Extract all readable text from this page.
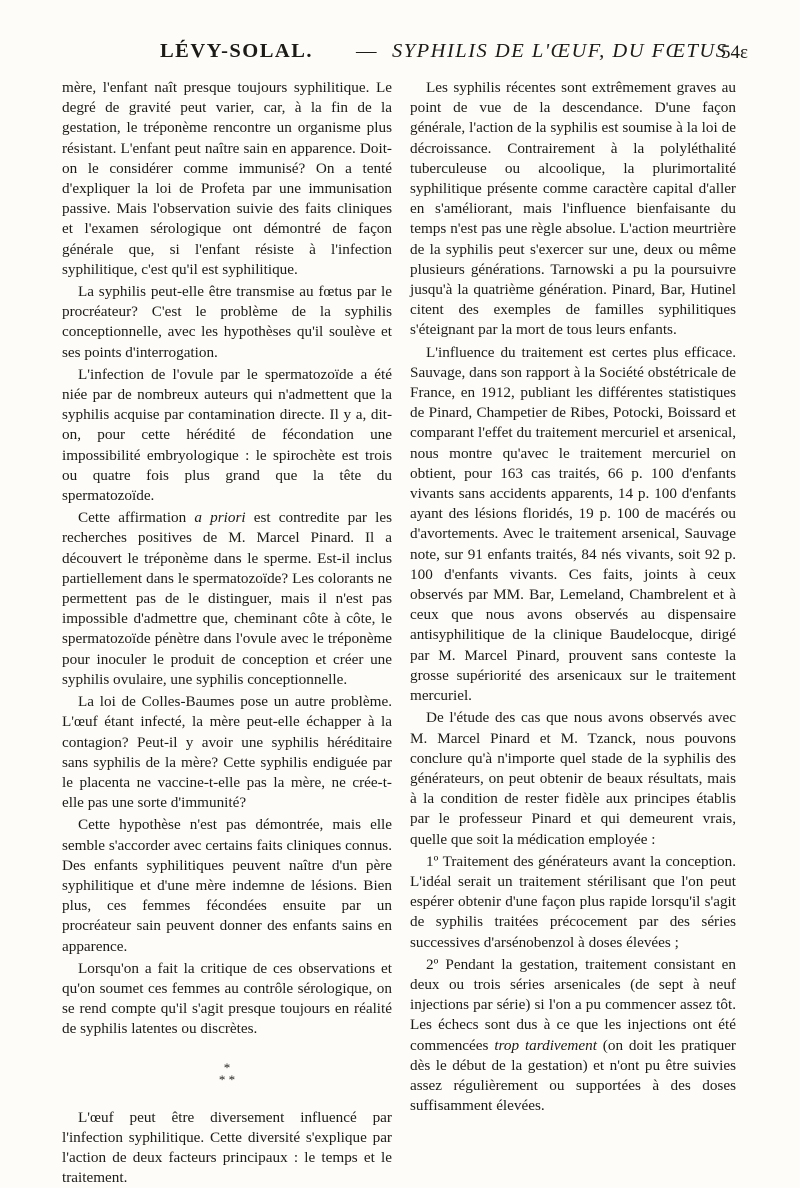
LÉVY-SOLAL. — SYPHILIS DE L'ŒUF, DU FŒTUS
54ε

mère, l'enfant naît presque toujours syphilitique. Le degré de gravité peut varier, car, à la fin de la gestation, le tréponème rencontre un organisme plus résistant. L'enfant peut naître sain en apparence. Doit-on le considérer comme immunisé? On a tenté d'expliquer la loi de Profeta par une immunisation passive. Mais l'observation suivie des faits cliniques et l'examen sérologique ont démontré de façon générale que, si l'enfant résiste à l'infection syphilitique, c'est qu'il est syphilitique.

La syphilis peut-elle être transmise au fœtus par le procréateur? C'est le problème de la syphilis conceptionnelle, avec les hypothèses qu'il soulève et ses points d'interrogation.

L'infection de l'ovule par le spermatozoïde a été niée par de nombreux auteurs qui n'admettent que la syphilis acquise par contamination directe. Il y a, dit-on, pour cette hérédité de fécondation une impossibilité embryologique : le spirochète est trois ou quatre fois plus grand que la tête du spermatozoïde.

Cette affirmation a priori est contredite par les recherches positives de M. Marcel Pinard. Il a découvert le tréponème dans le sperme. Est-il inclus partiellement dans le spermatozoïde? Les colorants ne permettent pas de le distinguer, mais il n'est pas impossible d'admettre que, cheminant côte à côte, le spermatozoïde pénètre dans l'ovule avec le tréponème pour inoculer le produit de conception et créer une syphilis ovulaire, une syphilis conceptionnelle.

La loi de Colles-Baumes pose un autre problème. L'œuf étant infecté, la mère peut-elle échapper à la contagion? Peut-il y avoir une syphilis héréditaire sans syphilis de la mère? Cette syphilis endiguée par le placenta ne vaccine-t-elle pas la mère, ne crée-t-elle pas une sorte d'immunité?

Cette hypothèse n'est pas démontrée, mais elle semble s'accorder avec certains faits cliniques connus. Des enfants syphilitiques peuvent naître d'un père syphilitique et d'une mère indemne de lésions. Bien plus, ces femmes fécondées ensuite par un procréateur sain peuvent donner des enfants sains en apparence.

Lorsqu'on a fait la critique de ces observations et qu'on soumet ces femmes au contrôle sérologique, on se rend compte qu'il s'agit presque toujours en réalité de syphilis latentes ou discrètes.

*
* *

L'œuf peut être diversement influencé par l'infection syphilitique. Cette diversité s'explique par l'action de deux facteurs principaux : le temps et le traitement.

Les syphilis récentes sont extrêmement graves au point de vue de la descendance. D'une façon générale, l'action de la syphilis est soumise à la loi de décroissance. Contrairement à la polyléthalité tuberculeuse ou alcoolique, la plurimortalité syphilitique présente comme caractère capital d'aller en s'améliorant, mais l'influence bienfaisante du temps n'est pas une règle absolue. L'action meurtrière de la syphilis peut s'exercer sur une, deux ou même plusieurs générations. Tarnowski a pu la poursuivre jusqu'à la quatrième génération. Pinard, Bar, Hutinel citent des exemples de familles syphilitiques s'éteignant par la mort de tous leurs enfants.

L'influence du traitement est certes plus efficace. Sauvage, dans son rapport à la Société obstétricale de France, en 1912, publiant les différentes statistiques de Pinard, Champetier de Ribes, Potocki, Boissard et comparant l'effet du traitement mercuriel et arsenical, nous montre qu'avec le traitement mercuriel on obtient, pour 163 cas traités, 66 p. 100 d'enfants vivants sans accidents apparents, 14 p. 100 d'enfants ayant des lésions floridés, 19 p. 100 de macérés ou d'avortements. Avec le traitement arsenical, Sauvage note, sur 91 enfants traités, 84 nés vivants, soit 92 p. 100 d'enfants vivants. Ces faits, joints à ceux observés par MM. Bar, Lemeland, Chambrelent et à ceux que nous avons observés au dispensaire antisyphilitique de la clinique Baudelocque, dirigé par M. Marcel Pinard, prouvent sans conteste la grosse supériorité des arsenicaux sur le traitement mercuriel.

De l'étude des cas que nous avons observés avec M. Marcel Pinard et M. Tzanck, nous pouvons conclure qu'à n'importe quel stade de la syphilis des générateurs, on peut obtenir de beaux résultats, mais à la condition de rester fidèle aux principes établis par le professeur Pinard et qui demeurent vrais, quelle que soit la médication employée :

1º Traitement des générateurs avant la conception. L'idéal serait un traitement stérilisant que l'on peut espérer obtenir d'une façon plus rapide lorsqu'il s'agit de syphilis traitées précocement par des séries successives d'arsénobenzol à doses élevées ;

2º Pendant la gestation, traitement consistant en deux ou trois séries arsenicales (de sept à neuf injections par série) si l'on a pu commencer assez tôt. Les échecs sont dus à ce que les injections ont été commencées trop tardivement (on doit les pratiquer dès le début de la gestation) et n'ont pu être suivies assez régulièrement ou supportées à des doses suffisamment élevées.
